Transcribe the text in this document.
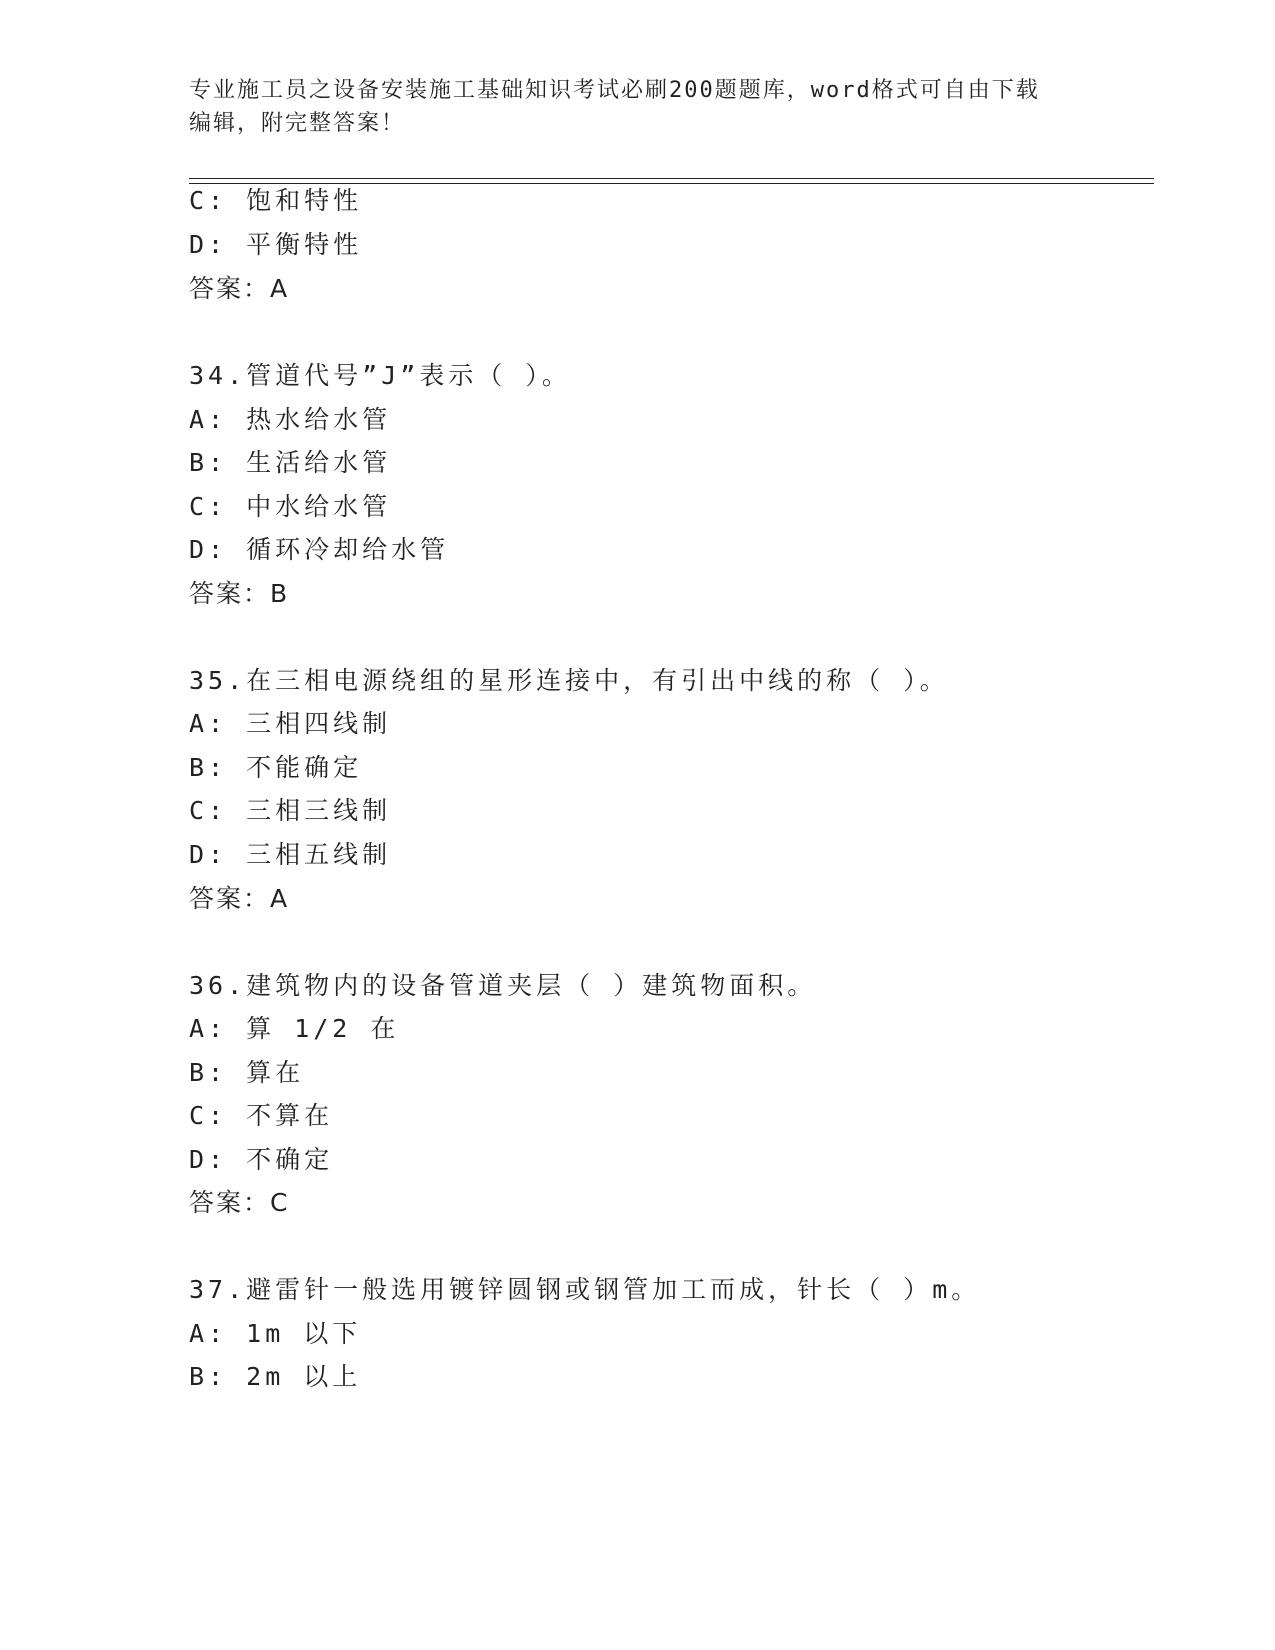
专业施工员之设备安装施工基础知识考试必刷200题题库，word格式可自由下载
编辑，附完整答案！
C: 饱和特性
D: 平衡特性
答案：A
34.管道代号”J”表示（ ）。
A: 热水给水管
B: 生活给水管
C: 中水给水管
D: 循环冷却给水管
答案：B
35.在三相电源绕组的星形连接中，有引出中线的称（ ）。
A: 三相四线制
B: 不能确定
C: 三相三线制
D: 三相五线制
答案：A
36.建筑物内的设备管道夹层（ ）建筑物面积。
A: 算 1/2 在
B: 算在
C: 不算在
D: 不确定
答案：C
37.避雷针一般选用镀锌圆钢或钢管加工而成，针长（ ）m。
A: 1m 以下
B: 2m 以上
